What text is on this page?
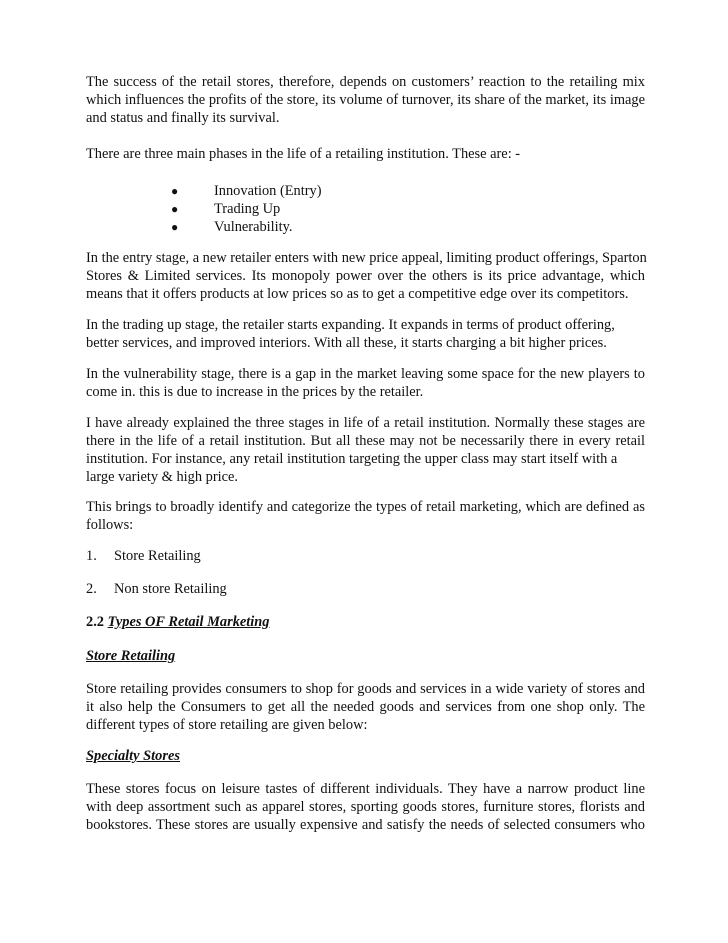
The success of the retail stores, therefore, depends on customers’ reaction to the retailing mix

which influences the profits of the store, its volume of turnover, its share of the market, its image

and status and finally its survival.

There are three main phases in the life of a retailing institution. These are: -

● Innovation (Entry)
● Trading Up
● Vulnerability.

In the entry stage, a new retailer enters with new price appeal, limiting product offerings, Sparton

Stores & Limited services. Its monopoly power over the others is its price advantage, which

means that it offers products at low prices so as to get a competitive edge over its competitors.

In the trading up stage, the retailer starts expanding. It expands in terms of product offering,

better services, and improved interiors. With all these, it starts charging a bit higher prices.

In the vulnerability stage, there is a gap in the market leaving some space for the new players to

come in. this is due to increase in the prices by the retailer.

I have already explained the three stages in life of a retail institution. Normally these stages are

there in the life of a retail institution. But all these may not be necessarily there in every retail

institution. For instance, any retail institution targeting the upper class may start itself with a

large variety & high price.

This brings to broadly identify and categorize the types of retail marketing, which are defined as

follows:

1. Store Retailing
2. Non store Retailing

2.2 Types OF Retail Marketing

Store Retailing

Store retailing provides consumers to shop for goods and services in a wide variety of stores and

it also help the Consumers to get all the needed goods and services from one shop only. The

different types of store retailing are given below:

Specialty Stores

These stores focus on leisure tastes of different individuals. They have a narrow product line

with deep assortment such as apparel stores, sporting goods stores, furniture stores, florists and

bookstores. These stores are usually expensive and satisfy the needs of selected consumers who
